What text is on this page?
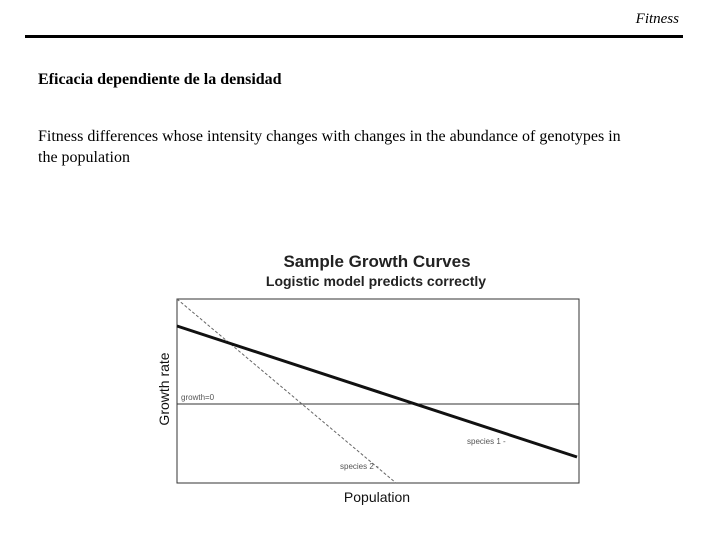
Fitness
Eficacia dependiente de la densidad
Fitness differences whose intensity changes with changes in the abundance of genotypes in the population
Sample Growth Curves
Logistic model predicts correctly
growth=0
species 1 -
species 2 -
Growth rate
Population
